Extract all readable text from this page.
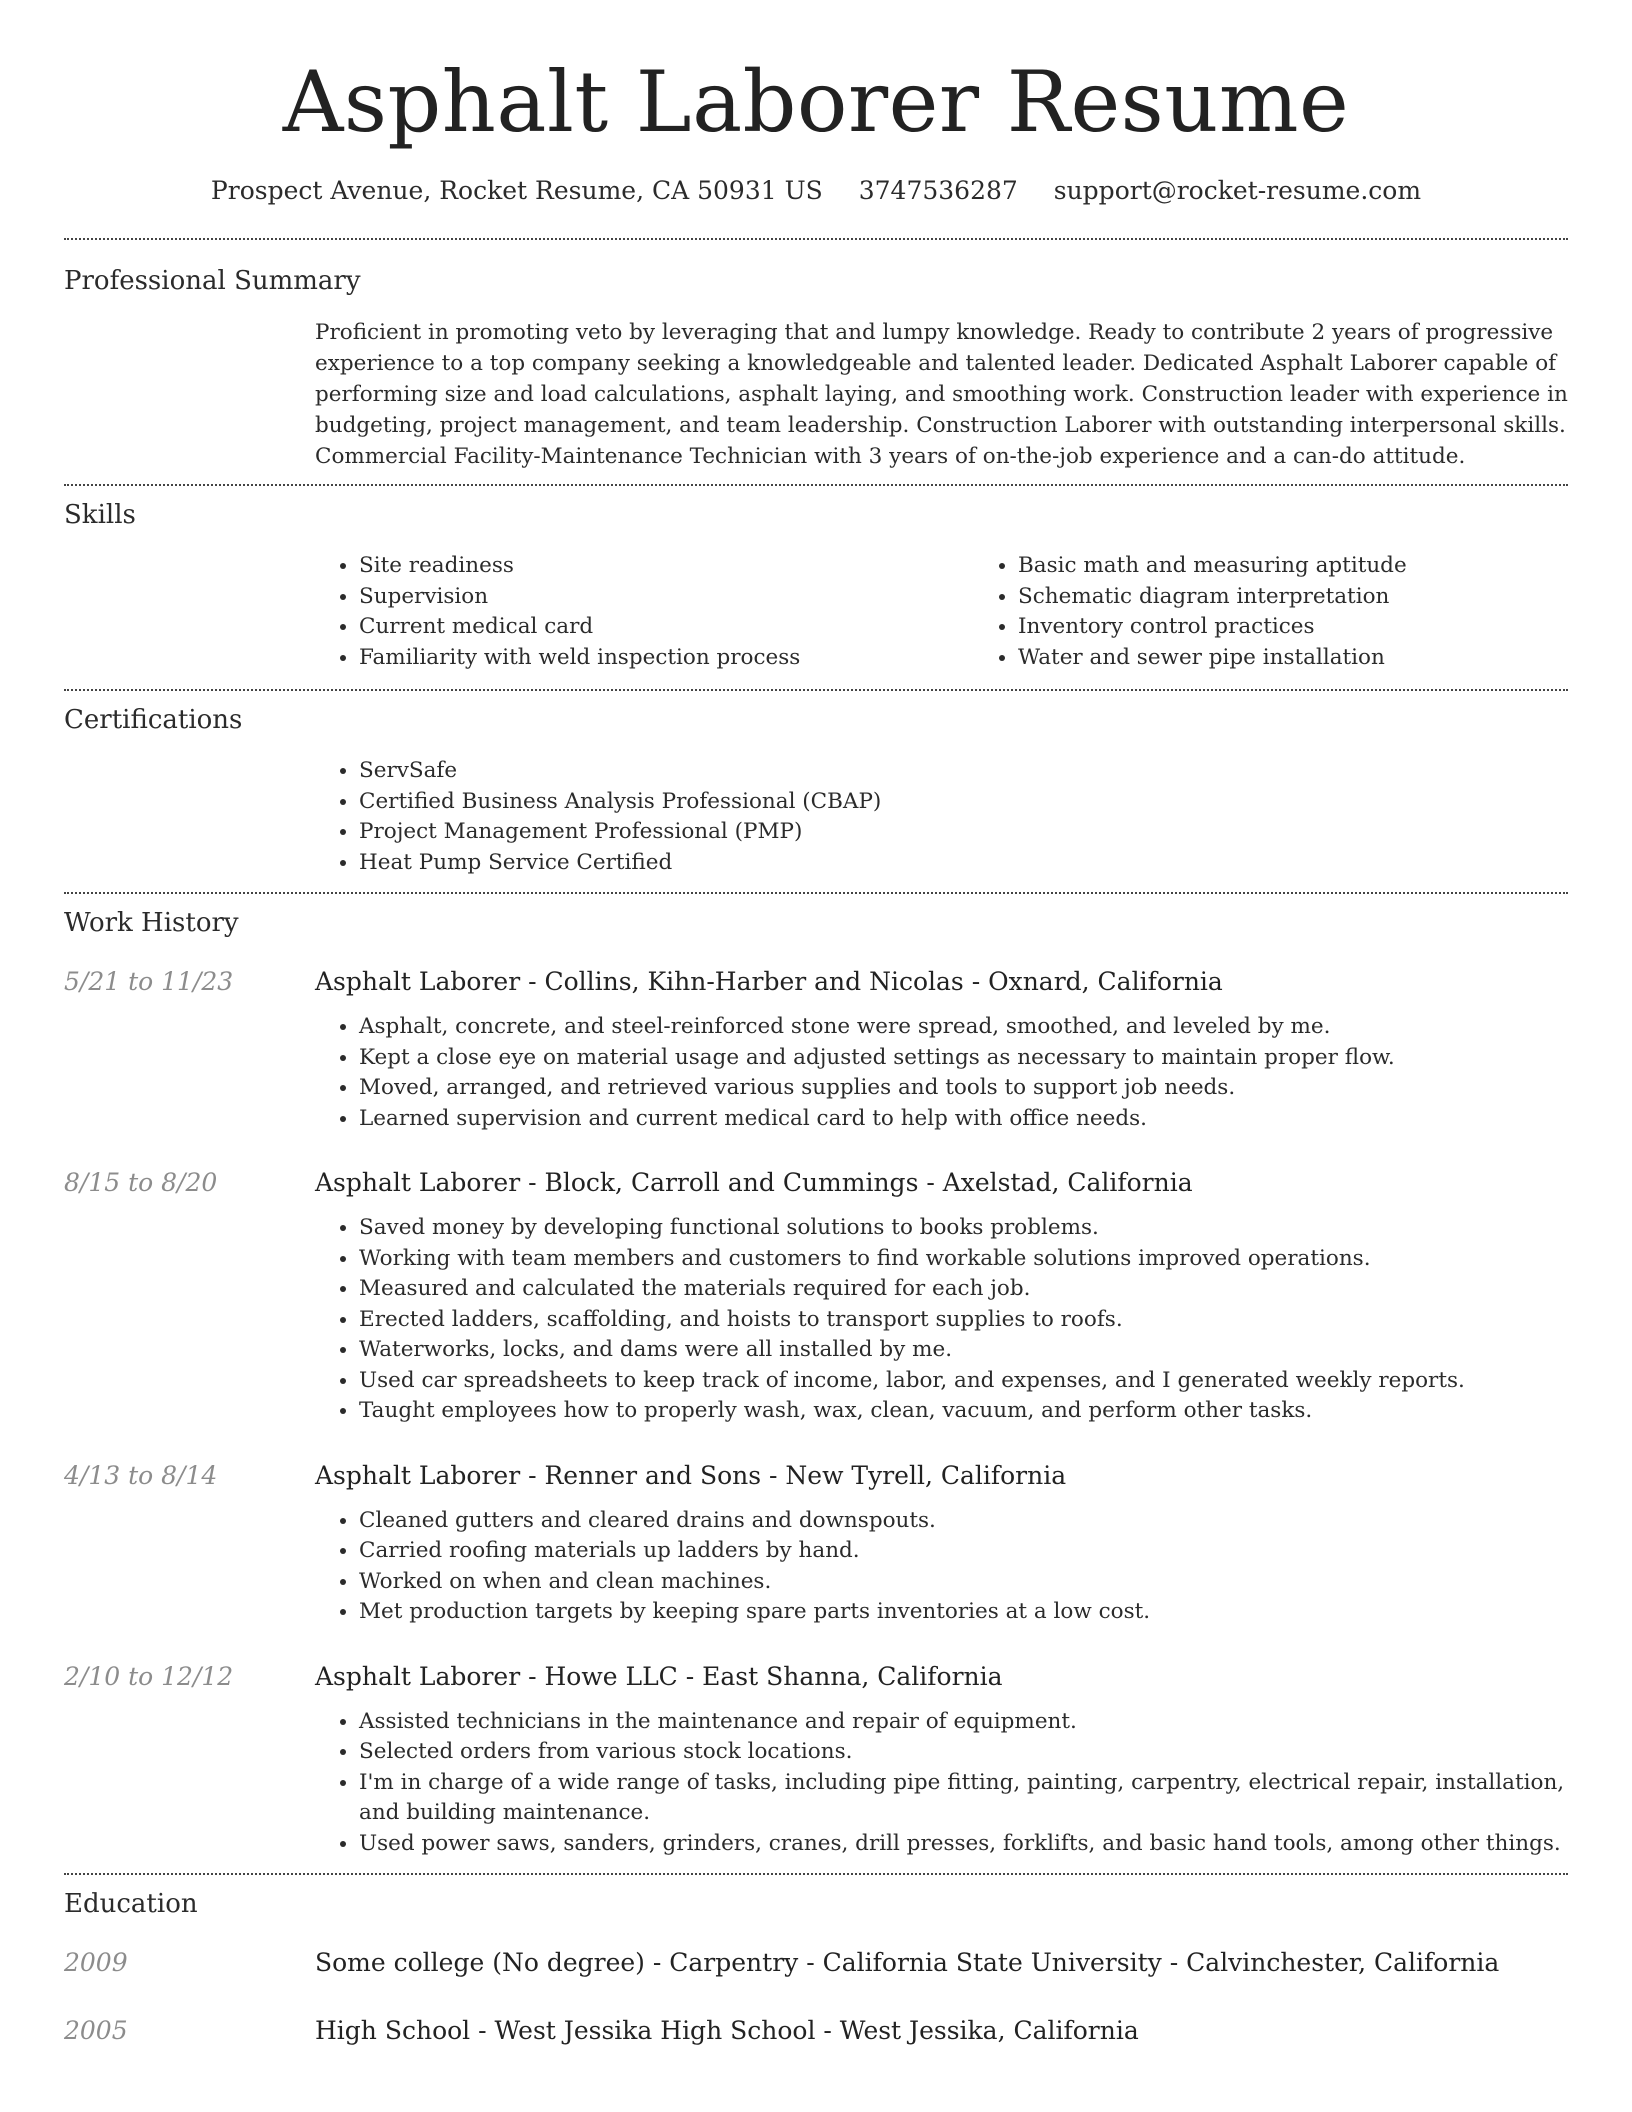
Asphalt Laborer Resume
Prospect Avenue, Rocket Resume, CA 50931 US 3747536287 support@rocket-resume.com
Professional Summary

Proficient in promoting veto by leveraging that and lumpy knowledge. Ready to contribute 2 years of progressive experience to a top company seeking a knowledgeable and talented leader. Dedicated Asphalt Laborer capable of performing size and load calculations, asphalt laying, and smoothing work. Construction leader with experience in budgeting, project management, and team leadership. Construction Laborer with outstanding interpersonal skills. Commercial Facility-Maintenance Technician with 3 years of on-the-job experience and a can-do attitude.

Skills
• Site readiness
• Supervision
• Current medical card
• Familiarity with weld inspection process
• Basic math and measuring aptitude
• Schematic diagram interpretation
• Inventory control practices
• Water and sewer pipe installation
Certifications
• ServSafe
• Certified Business Analysis Professional (CBAP)
• Project Management Professional (PMP)
• Heat Pump Service Certified
Work History
5/21 to 11/23	Asphalt Laborer - Collins, Kihn-Harber and Nicolas - Oxnard, California
• Asphalt, concrete, and steel-reinforced stone were spread, smoothed, and leveled by me.
• Kept a close eye on material usage and adjusted settings as necessary to maintain proper flow.
• Moved, arranged, and retrieved various supplies and tools to support job needs.
• Learned supervision and current medical card to help with office needs.
8/15 to 8/20	Asphalt Laborer - Block, Carroll and Cummings - Axelstad, California
• Saved money by developing functional solutions to books problems.
• Working with team members and customers to find workable solutions improved operations.
• Measured and calculated the materials required for each job.
• Erected ladders, scaffolding, and hoists to transport supplies to roofs.
• Waterworks, locks, and dams were all installed by me.
• Used car spreadsheets to keep track of income, labor, and expenses, and I generated weekly reports.
• Taught employees how to properly wash, wax, clean, vacuum, and perform other tasks.
4/13 to 8/14	Asphalt Laborer - Renner and Sons - New Tyrell, California
• Cleaned gutters and cleared drains and downspouts.
• Carried roofing materials up ladders by hand.
• Worked on when and clean machines.
• Met production targets by keeping spare parts inventories at a low cost.
2/10 to 12/12	Asphalt Laborer - Howe LLC - East Shanna, California
• Assisted technicians in the maintenance and repair of equipment.
• Selected orders from various stock locations.
• I'm in charge of a wide range of tasks, including pipe fitting, painting, carpentry, electrical repair, installation, and building maintenance.
• Used power saws, sanders, grinders, cranes, drill presses, forklifts, and basic hand tools, among other things.
Education
2009	Some college (No degree) - Carpentry - California State University - Calvinchester, California
2005	High School - West Jessika High School - West Jessika, California
